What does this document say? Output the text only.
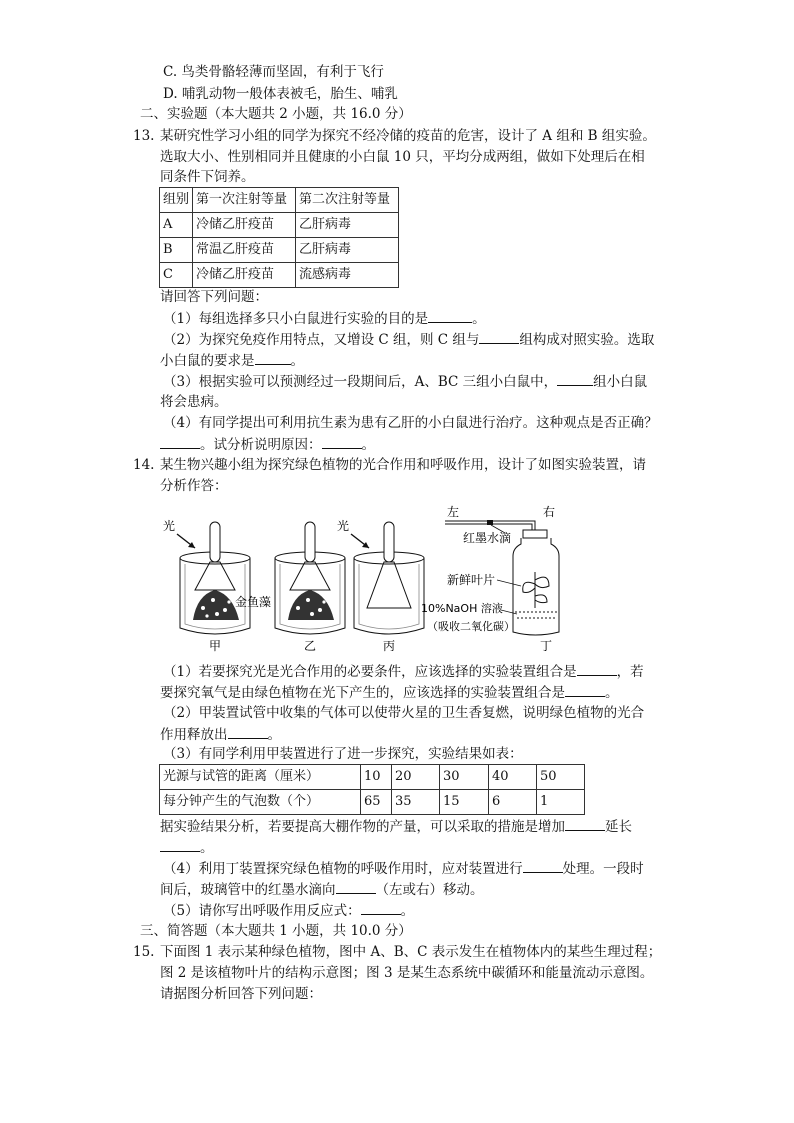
C. 鸟类骨骼轻薄而坚固，有利于飞行
D. 哺乳动物一般体表被毛，胎生、哺乳
二、实验题（本大题共 2 小题，共 16.0 分）
13. 某研究性学习小组的同学为探究不经冷储的疫苗的危害，设计了 A 组和 B 组实验。
选取大小、性别相同并且健康的小白鼠 10 只，平均分成两组，做如下处理后在相
同条件下饲养。
组别	第一次注射等量	第二次注射等量
A	冷储乙肝疫苗	乙肝病毒
B	常温乙肝疫苗	乙肝病毒
C	冷储乙肝疫苗	流感病毒
请回答下列问题：
（1）每组选择多只小白鼠进行实验的目的是	。
（2）为探究免疫作用特点，又增设 C 组，则 C 组与	组构成对照实验。选取
小白鼠的要求是	。
（3）根据实验可以预测经过一段期间后，A、BC 三组小白鼠中，	组小白鼠
将会患病。
（4）有同学提出可利用抗生素为患有乙肝的小白鼠进行治疗。这种观点是否正确？
。试分析说明原因：	。
14. 某生物兴趣小组为探究绿色植物的光合作用和呼吸作用，设计了如图实验装置，请
分析作答：
光
甲
金鱼藻
乙
光
丙
左	右
红墨水滴
新鲜叶片
10%NaOH 溶液
（吸收二氧化碳）
丁
（1）若要探究光是光合作用的必要条件，应该选择的实验装置组合是	，若
要探究氧气是由绿色植物在光下产生的，应该选择的实验装置组合是	。
（2）甲装置试管中收集的气体可以使带火星的卫生香复燃，说明绿色植物的光合
作用释放出	。
（3）有同学利用甲装置进行了进一步探究，实验结果如表：
光源与试管的距离（厘米）	10	20	30	40	50
每分钟产生的气泡数（个）	65	35	15	6	1
据实验结果分析，若要提高大棚作物的产量，可以采取的措施是增加	延长
。
（4）利用丁装置探究绿色植物的呼吸作用时，应对装置进行	处理。一段时
间后，玻璃管中的红墨水滴向	（左或右）移动。
（5）请你写出呼吸作用反应式：	。
三、简答题（本大题共 1 小题，共 10.0 分）
15. 下面图 1 表示某种绿色植物，图中 A、B、C 表示发生在植物体内的某些生理过程；
图 2 是该植物叶片的结构示意图；图 3 是某生态系统中碳循环和能量流动示意图。
请据图分析回答下列问题：
